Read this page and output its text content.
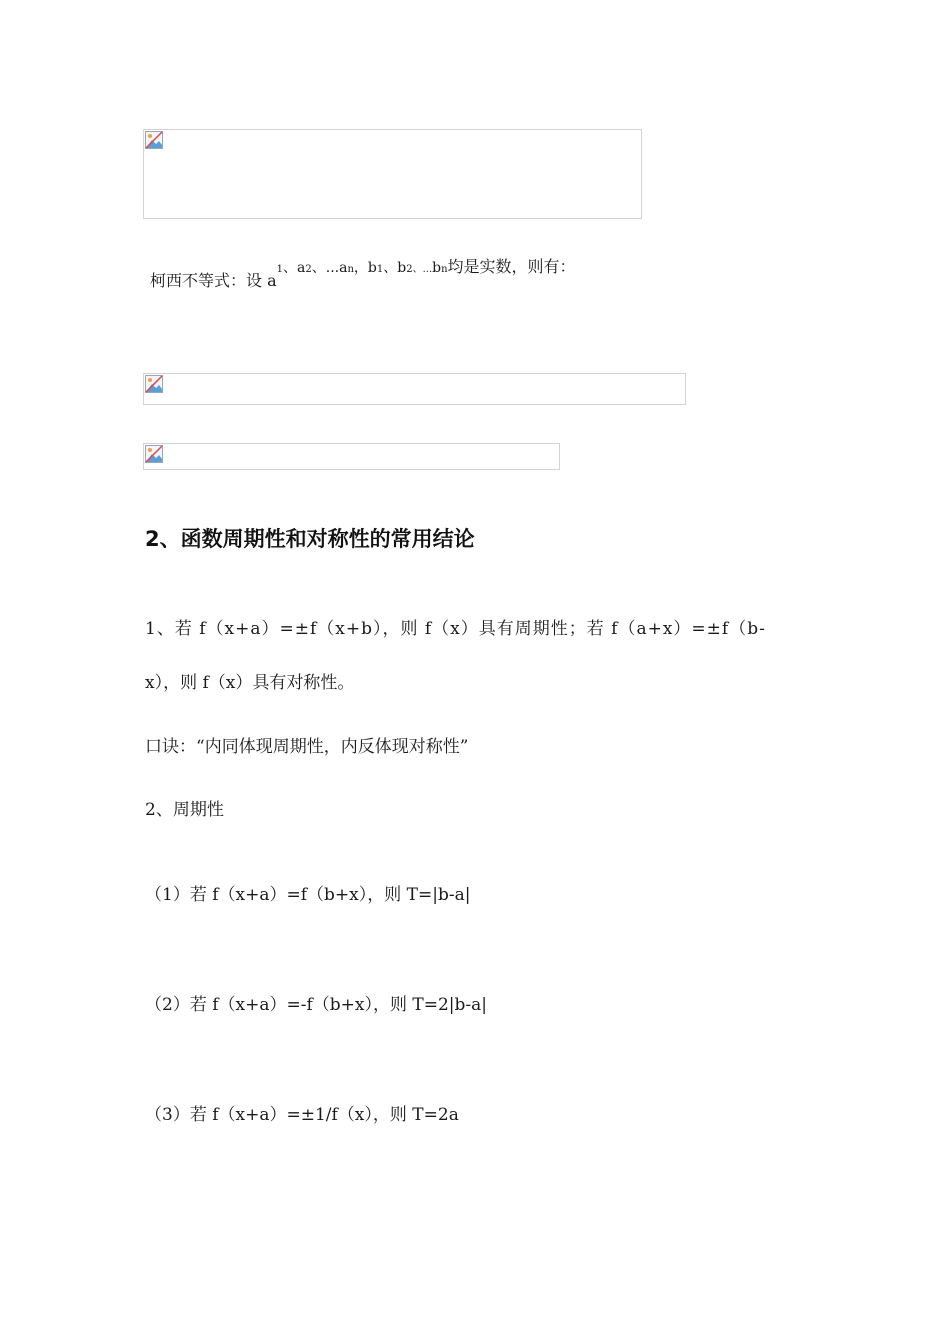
柯西不等式：设 $a^1$、$a^2$、$...a^n$，$b^1$、$b^{2、...}b^n$均是实数，则有：
2、函数周期性和对称性的常用结论
1、若 f（x+a）=±f（x+b），则 f（x）具有周期性；若 f（a+x）=±f（b-
x），则 f（x）具有对称性。
口诀：“内同体现周期性，内反体现对称性”
2、周期性
（1）若 f（x+a）=f（b+x），则 T=|b-a|
（2）若 f（x+a）=-f（b+x），则 T=2|b-a|
（3）若 f（x+a）=±1/f（x），则 T=2a
